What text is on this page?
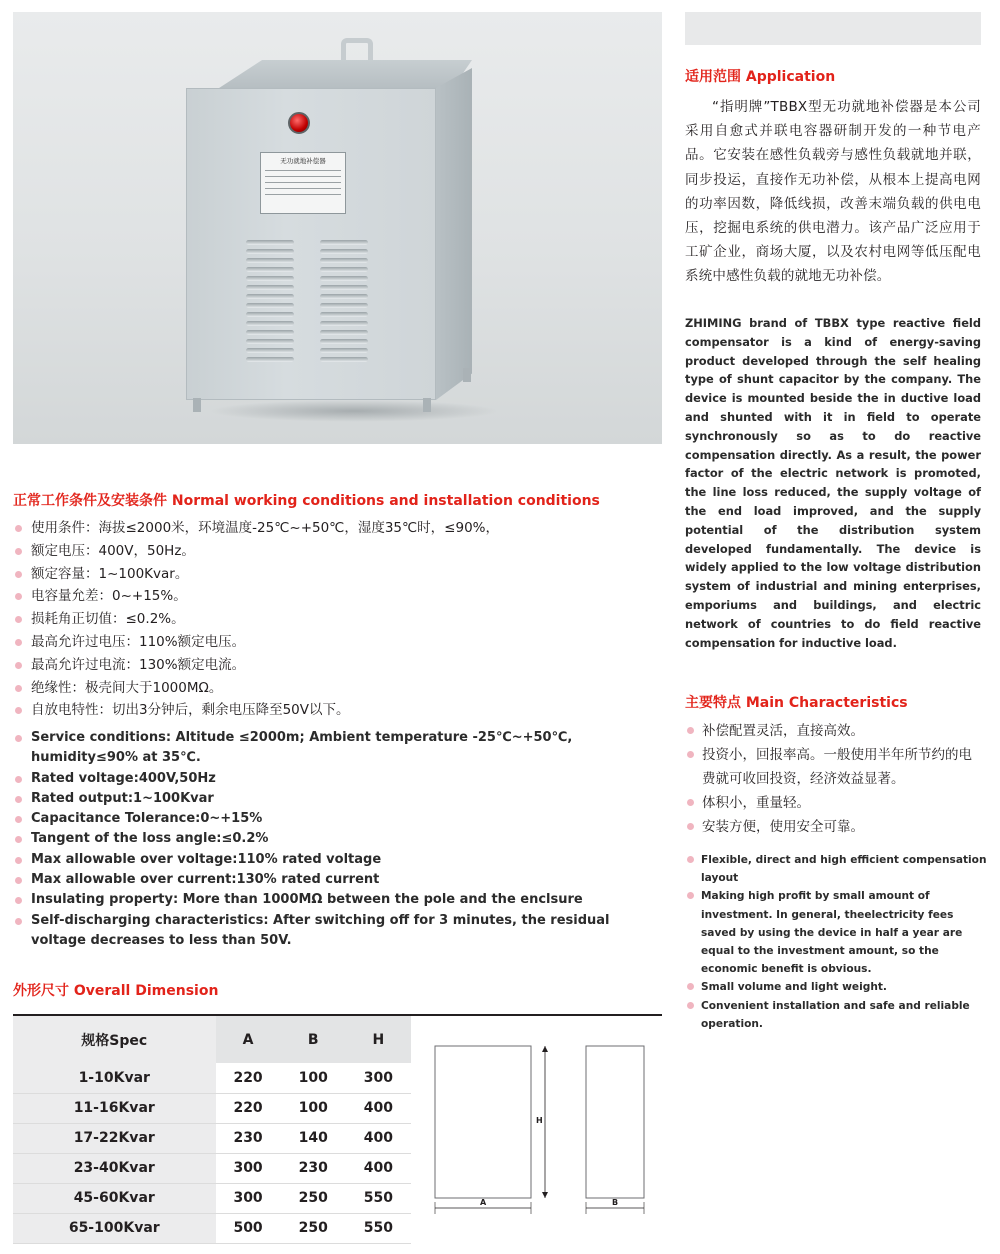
无功就地补偿器
适用范围 Application

“指明牌”TBBX型无功就地补偿器是本公司采用自愈式并联电容器研制开发的一种节电产品。它安装在感性负载旁与感性负载就地并联，同步投运，直接作无功补偿，从根本上提高电网的功率因数，降低线损，改善末端负载的供电电压，挖掘电系统的供电潜力。该产品广泛应用于工矿企业，商场大厦，以及农村电网等低压配电系统中感性负载的就地无功补偿。

ZHIMING brand of TBBX type reactive field compensator is a kind of energy-saving product developed through the self healing type of shunt capacitor by the company. The device is mounted beside the in ductive load and shunted with it in field to operate synchronously so as to do reactive compensation directly. As a result, the power factor of the electric network is promoted, the line loss reduced, the supply voltage of the end load improved, and the supply potential of the distribution system developed fundamentally. The device is widely applied to the low voltage distribution system of industrial and mining enterprises, emporiums and buildings, and electric network of countries to do field reactive compensation for inductive load.

主要特点 Main Characteristics
补偿配置灵活，直接高效。
投资小，回报率高。一般使用半年所节约的电费就可收回投资，经济效益显著。
体积小，重量轻。
安装方便，使用安全可靠。
Flexible, direct and high efficient compensation layout
Making high profit by small amount of investment. In general, theelectricity fees saved by using the device in half a year are equal to the investment amount, so the economic benefit is obvious.
Small volume and light weight.
Convenient installation and safe and reliable operation.
正常工作条件及安装条件 Normal working conditions and installation conditions
使用条件：海拔≤2000米，环境温度-25℃~+50℃，湿度35℃时，≤90%，
额定电压：400V，50Hz。
额定容量：1~100Kvar。
电容量允差：0~+15%。
损耗角正切值：≤0.2%。
最高允许过电压：110%额定电压。
最高允许过电流：130%额定电流。
绝缘性：极壳间大于1000MΩ。
自放电特性：切出3分钟后，剩余电压降至50V以下。
Service conditions: Altitude ≤2000m; Ambient temperature -25℃~+50℃, humidity≤90% at 35℃.
Rated voltage:400V,50Hz
Rated output:1~100Kvar
Capacitance Tolerance:0~+15%
Tangent of the loss angle:≤0.2%
Max allowable over voltage:110% rated voltage
Max allowable over current:130% rated current
Insulating property: More than 1000MΩ between the pole and the enclsure
Self-discharging characteristics: After switching off for 3 minutes, the residual voltage decreases to less than 50V.
外形尺寸 Overall Dimension
规格Spec	A	B	H
1-10Kvar	220	100	300
11-16Kvar	220	100	400
17-22Kvar	230	140	400
23-40Kvar	300	230	400
45-60Kvar	300	250	550
65-100Kvar	500	250	550
H
A	B
